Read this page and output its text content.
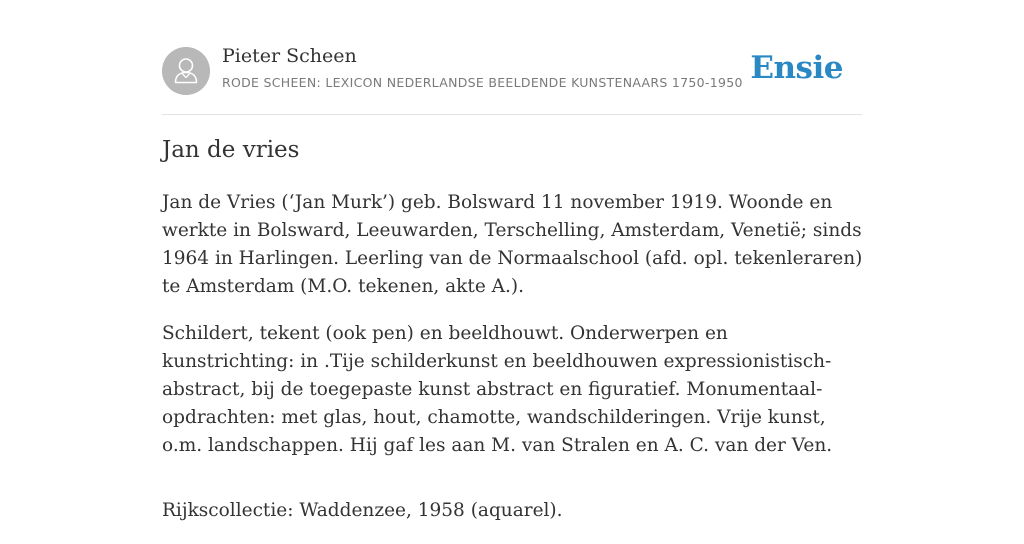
Pieter Scheen
RODE SCHEEN: LEXICON NEDERLANDSE BEELDENDE KUNSTENAARS 1750-1950 Ensie
Jan de vries

Jan de Vries (‘Jan Murk’) geb. Bolsward 11 november 1919. Woonde en werkte in Bolsward, Leeuwarden, Terschelling, Amsterdam, Venetië; sinds 1964 in Harlingen. Leerling van de Normaalschool (afd. opl. tekenleraren) te Amsterdam (M.O. tekenen, akte A.).

Schildert, tekent (ook pen) en beeldhouwt. Onderwerpen en kunstrichting: in .Tije schilderkunst en beeldhouwen expressionistisch-abstract, bij de toegepaste kunst abstract en figuratief. Monumentaal-opdrachten: met glas, hout, chamotte, wandschilderingen. Vrije kunst, o.m. landschappen. Hij gaf les aan M. van Stralen en A. C. van der Ven.

Rijkscollectie: Waddenzee, 1958 (aquarel).
